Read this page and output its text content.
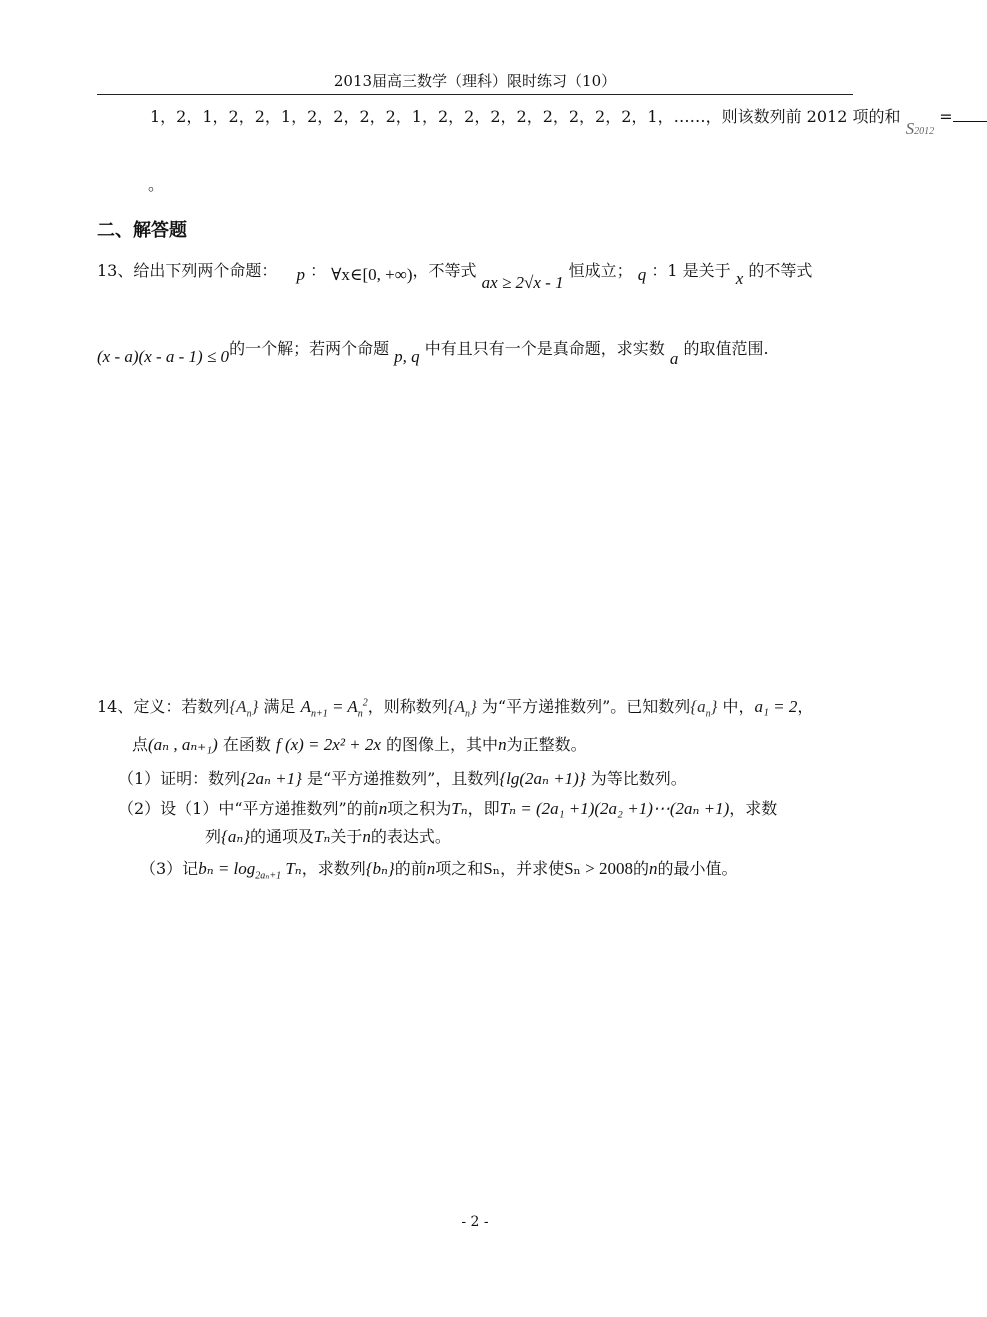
2013届高三数学（理科）限时练习（10）
1，2，1，2，2，1，2，2，2，2，1，2，2，2，2，2，2，2，2，1，……，则该数列前 2012 项的和 S2012 =
。
二、解答题
13、给出下列两个命题： p ： ∀x∈[0, +∞)，不等式 ax ≥ 2√x - 1 恒成立； q ：1 是关于 x 的不等式
(x - a)(x - a - 1) ≤ 0的一个解；若两个命题 p, q 中有且只有一个是真命题，求实数 a 的取值范围.
14、定义：若数列$\{A_n\}$ 满足 $A_{n+1} = A_n^2$，则称数列$\{A_n\}$ 为“平方递推数列”。已知数列$\{a_n\}$ 中，a₁ = 2，
点(aₙ , aₙ₊₁) 在函数 f (x) = 2x² + 2x 的图像上，其中n为正整数。
（1）证明：数列{2aₙ +1} 是“平方递推数列”，且数列{lg(2aₙ +1)} 为等比数列。
（2）设（1）中“平方递推数列”的前n项之积为Tₙ，即Tₙ = (2a₁ +1)(2a₂ +1)⋯(2aₙ +1)，求数
列{aₙ}的通项及Tₙ关于n的表达式。
（3）记$b_n = \log_{2a_n+1} T_n$，求数列{bₙ}的前n项之和Sₙ，并求使Sₙ > 2008的n的最小值。
- 2 -
